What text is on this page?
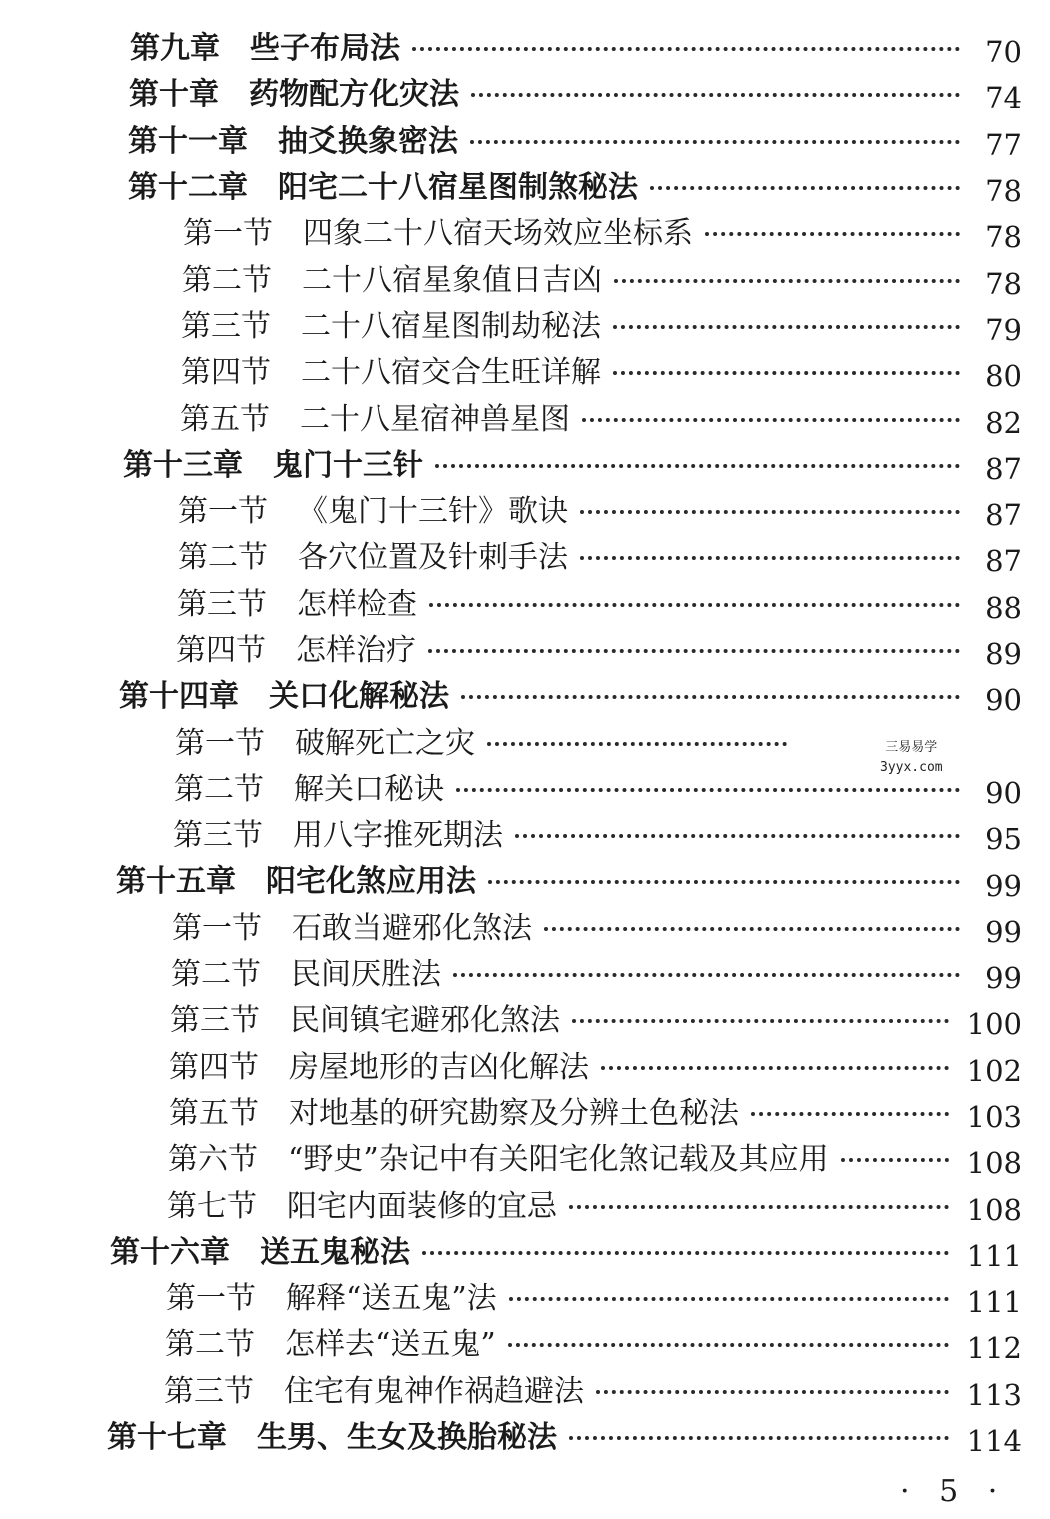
第九章 些子布局法	70
第十章 药物配方化灾法	74
第十一章 抽爻换象密法	77
第十二章 阳宅二十八宿星图制煞秘法	78
第一节 四象二十八宿天场效应坐标系	78
第二节 二十八宿星象值日吉凶	78
第三节 二十八宿星图制劫秘法	79
第四节 二十八宿交合生旺详解	80
第五节 二十八星宿神兽星图	82
第十三章 鬼门十三针	87
第一节 《鬼门十三针》歌诀	87
第二节 各穴位置及针刺手法	87
第三节 怎样检查	88
第四节 怎样治疗	89
第十四章 关口化解秘法	90
第一节 破解死亡之灾
第二节 解关口秘诀	90
第三节 用八字推死期法	95
第十五章 阳宅化煞应用法	99
第一节 石敢当避邪化煞法	99
第二节 民间厌胜法	99
第三节 民间镇宅避邪化煞法	100
第四节 房屋地形的吉凶化解法	102
第五节 对地基的研究勘察及分辨土色秘法	103
第六节 “野史”杂记中有关阳宅化煞记载及其应用	108
第七节 阳宅内面装修的宜忌	108
第十六章 送五鬼秘法	111
第一节 解释“送五鬼”法	111
第二节 怎样去“送五鬼”	112
第三节 住宅有鬼神作祸趋避法	113
第十七章 生男、生女及换胎秘法	114
三易易学
3yyx.com
· 5 ·
